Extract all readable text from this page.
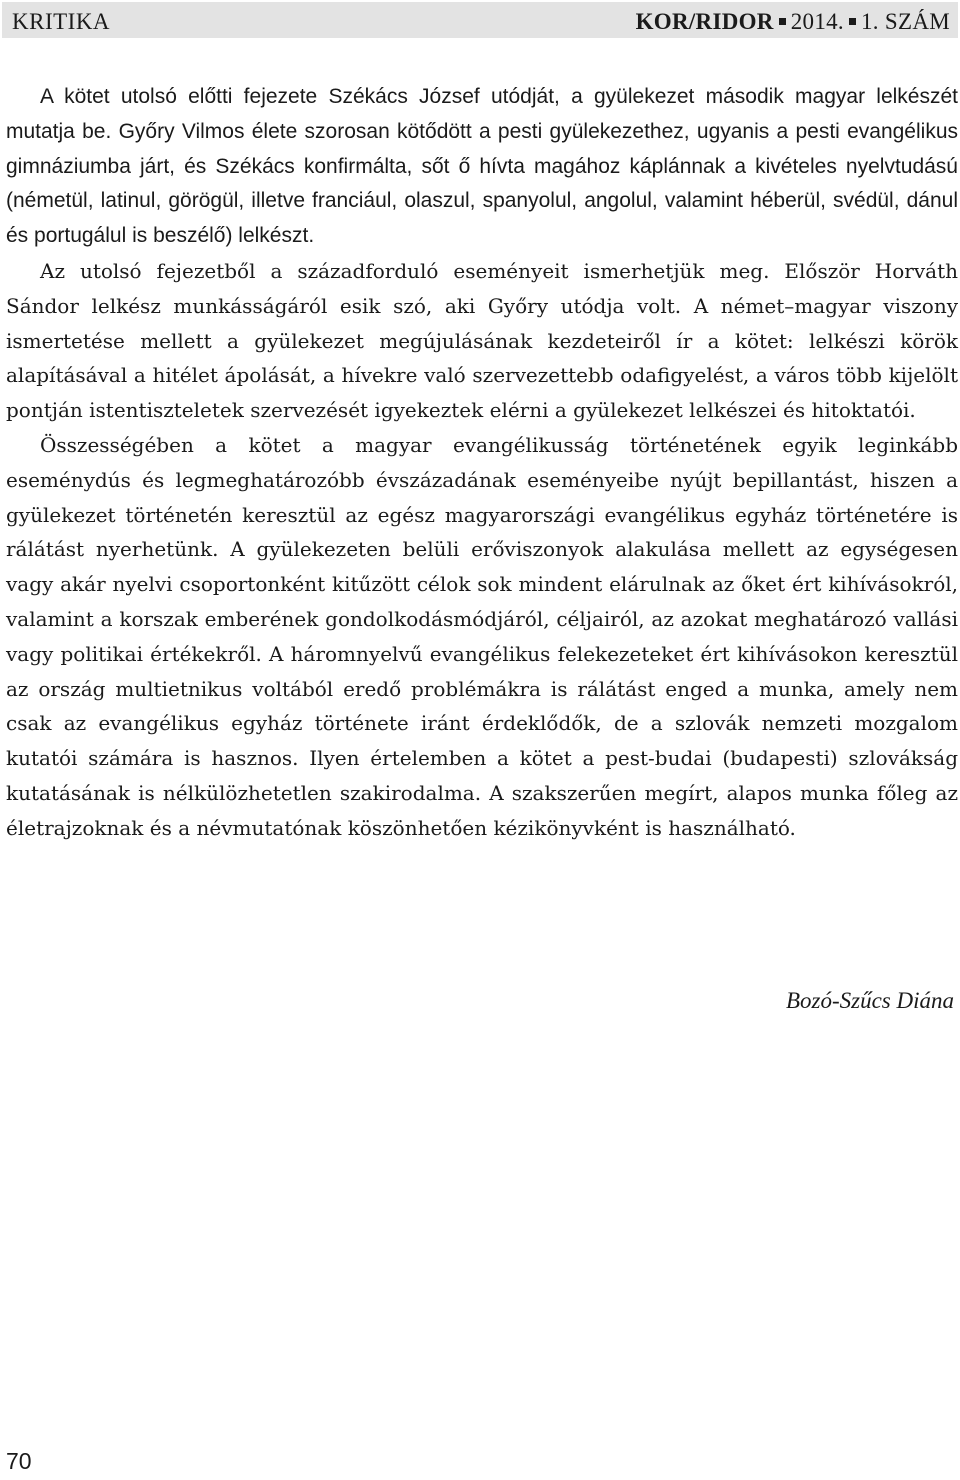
KRITIKA	KOR/RIDOR 2014. 1. SZÁM

A kötet utolsó előtti fejezete Székács József utódját, a gyülekezet második magyar lelkészét mutatja be. Győry Vilmos élete szorosan kötődött a pesti gyülekezethez, ugyanis a pesti evangélikus gimnáziumba járt, és Székács konfirmálta, sőt ő hívta magához káplánnak a kivételes nyelvtudású (németül, latinul, görögül, illetve franciául, olaszul, spanyolul, angolul, valamint héberül, svédül, dánul és portugálul is beszélő) lelkészt.

Az utolsó fejezetből a századforduló eseményeit ismerhetjük meg. Először Horváth Sándor lelkész munkásságáról esik szó, aki Győry utódja volt. A német–magyar viszony ismertetése mellett a gyülekezet megújulásának kezdeteiről ír a kötet: lelkészi körök alapításával a hitélet ápolását, a hívekre való szervezettebb odafigyelést, a város több kijelölt pontján istentiszteletek szervezését igyekeztek elérni a gyülekezet lelkészei és hitoktatói.

Összességében a kötet a magyar evangélikusság történetének egyik leginkább eseménydús és legmeghatározóbb évszázadának eseményeibe nyújt bepillantást, hiszen a gyülekezet történetén keresztül az egész magyarországi evangélikus egyház történetére is rálátást nyerhetünk. A gyülekezeten belüli erőviszonyok alakulása mellett az egységesen vagy akár nyelvi csoportonként kitűzött célok sok mindent elárulnak az őket ért kihívásokról, valamint a korszak emberének gondolkodásmódjáról, céljairól, az azokat meghatározó vallási vagy politikai értékekről. A háromnyelvű evangélikus felekezeteket ért kihívásokon keresztül az ország multietnikus voltából eredő problémákra is rálátást enged a munka, amely nem csak az evangélikus egyház története iránt érdeklődők, de a szlovák nemzeti mozgalom kutatói számára is hasznos. Ilyen értelemben a kötet a pest-budai (budapesti) szlovákság kutatásának is nélkülözhetetlen szakirodalma. A szakszerűen megírt, alapos munka főleg az életrajzoknak és a névmutatónak köszönhetően kézikönyvként is használható.

Bozó-Szűcs Diána
70
